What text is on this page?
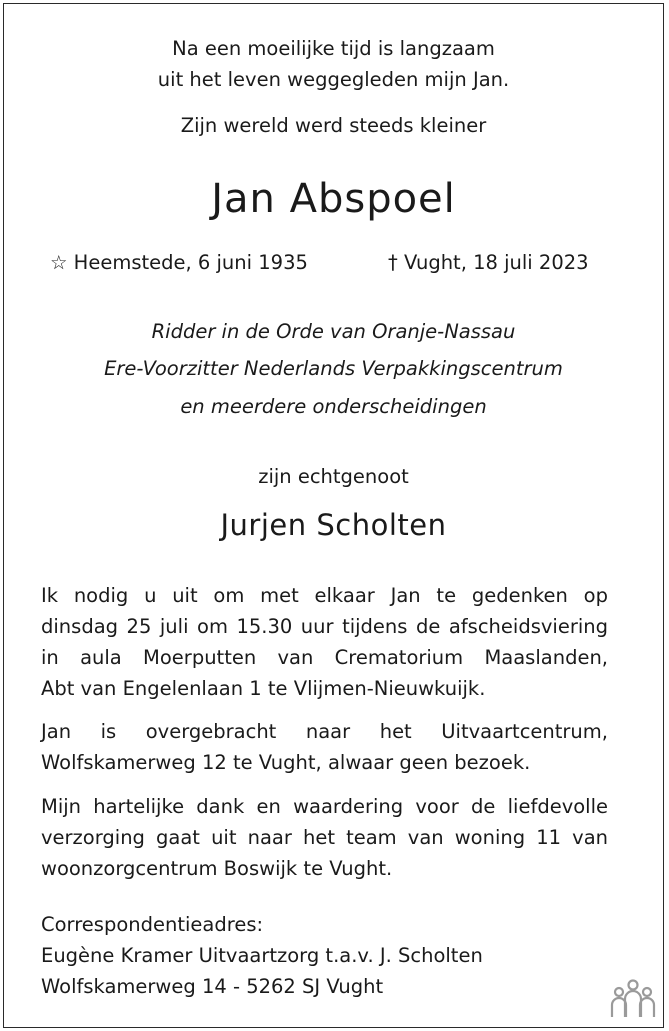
Na een moeilijke tijd is langzaam
uit het leven weggegleden mijn Jan.
Zijn wereld werd steeds kleiner
Jan Abspoel
☆ Heemstede, 6 juni 1935	† Vught, 18 juli 2023
Ridder in de Orde van Oranje-Nassau
Ere-Voorzitter Nederlands Verpakkingscentrum
en meerdere onderscheidingen
zijn echtgenoot
Jurjen Scholten
Ik nodig u uit om met elkaar Jan te gedenken op
dinsdag 25 juli om 15.30 uur tijdens de afscheidsviering
in aula Moerputten van Crematorium Maaslanden,
Abt van Engelenlaan 1 te Vlijmen-Nieuwkuijk.
Jan is overgebracht naar het Uitvaartcentrum,
Wolfskamerweg 12 te Vught, alwaar geen bezoek.
Mijn hartelijke dank en waardering voor de liefdevolle
verzorging gaat uit naar het team van woning 11 van
woonzorgcentrum Boswijk te Vught.
Correspondentieadres:
Eugène Kramer Uitvaartzorg t.a.v. J. Scholten
Wolfskamerweg 14 - 5262 SJ Vught
